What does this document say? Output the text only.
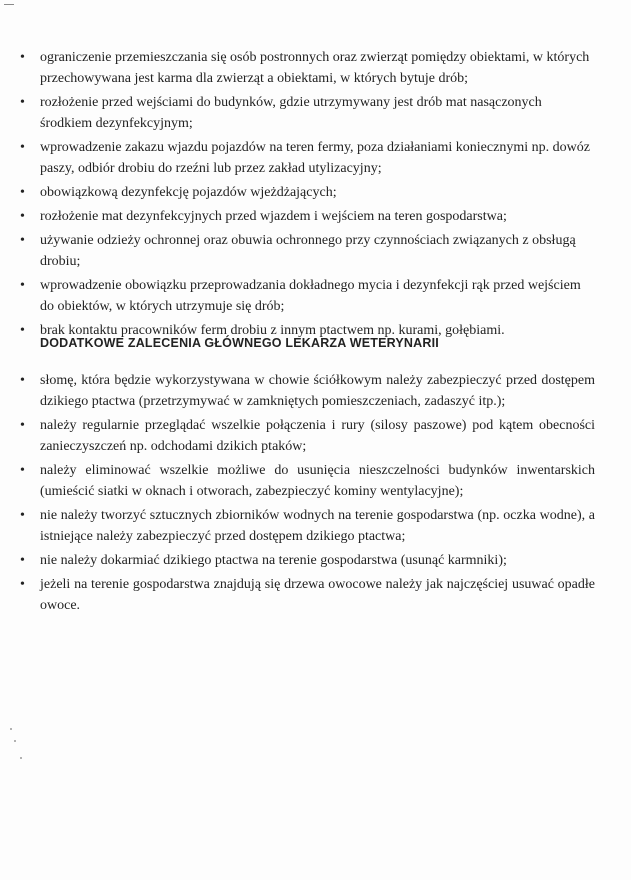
• ograniczenie przemieszczania się osób postronnych oraz zwierząt pomiędzy obiektami, w których przechowywana jest karma dla zwierząt a obiektami, w których bytuje drób;
• rozłożenie przed wejściami do budynków, gdzie utrzymywany jest drób mat nasączonych środkiem dezynfekcyjnym;
• wprowadzenie zakazu wjazdu pojazdów na teren fermy, poza działaniami koniecznymi np. dowóz paszy, odbiór drobiu do rzeźni lub przez zakład utylizacyjny;
• obowiązkową dezynfekcję pojazdów wjeżdżających;
• rozłożenie mat dezynfekcyjnych przed wjazdem i wejściem na teren gospodarstwa;
• używanie odzieży ochronnej oraz obuwia ochronnego przy czynnościach związanych z obsługą drobiu;
• wprowadzenie obowiązku przeprowadzania dokładnego mycia i dezynfekcji rąk przed wejściem do obiektów, w których utrzymuje się drób;
• brak kontaktu pracowników ferm drobiu z innym ptactwem np. kurami, gołębiami.
DODATKOWE ZALECENIA GŁÓWNEGO LEKARZA WETERYNARII
• słomę, która będzie wykorzystywana w chowie ściółkowym należy zabezpieczyć przed dostępem dzikiego ptactwa (przetrzymywać w zamkniętych pomieszczeniach, zadaszyć itp.);
• należy regularnie przeglądać wszelkie połączenia i rury (silosy paszowe) pod kątem obecności zanieczyszczeń np. odchodami dzikich ptaków;
• należy eliminować wszelkie możliwe do usunięcia nieszczelności budynków inwentarskich (umieścić siatki w oknach i otworach, zabezpieczyć kominy wentylacyjne);
• nie należy tworzyć sztucznych zbiorników wodnych na terenie gospodarstwa (np. oczka wodne), a istniejące należy zabezpieczyć przed dostępem dzikiego ptactwa;
• nie należy dokarmiać dzikiego ptactwa na terenie gospodarstwa (usunąć karmniki);
• jeżeli na terenie gospodarstwa znajdują się drzewa owocowe należy jak najczęściej usuwać opadłe owoce.
